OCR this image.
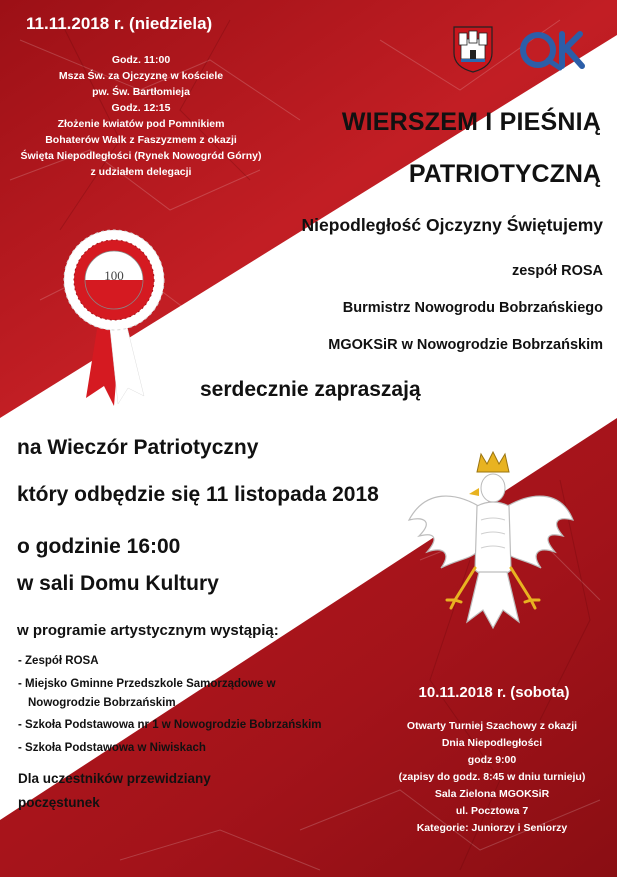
11.11.2018 r. (niedziela)
Godz. 11:00
Msza Św. za Ojczyznę w kościele
pw. Św. Bartłomieja
Godz. 12:15
Złożenie kwiatów pod Pomnikiem
Bohaterów Walk z Faszyzmem z okazji
Święta Niepodległości (Rynek Nowogród Górny)
z udziałem delegacji
WIERSZEM I PIEŚNIĄ
PATRIOTYCZNĄ
Niepodległość Ojczyzny Świętujemy
zespół ROSA
Burmistrz Nowogrodu Bobrzańskiego
MGOKSiR w Nowogrodzie Bobrzańskim
serdecznie zapraszają
100
na Wieczór Patriotyczny
który odbędzie się 11 listopada 2018
o godzinie 16:00
w sali Domu Kultury
w programie artystycznym wystąpią:
- Zespół ROSA
- Miejsko Gminne Przedszkole Samorządowe w
Nowogrodzie Bobrzańskim
- Szkoła Podstawowa nr 1 w Nowogrodzie Bobrzańskim
- Szkoła Podstawowa w Niwiskach
Dla uczestników przewidziany
poczęstunek
10.11.2018 r. (sobota)
Otwarty Turniej Szachowy z okazji
Dnia Niepodległości
godz 9:00
(zapisy do godz. 8:45 w dniu turnieju)
Sala Zielona MGOKSiR
ul. Pocztowa 7
Kategorie: Juniorzy i Seniorzy
